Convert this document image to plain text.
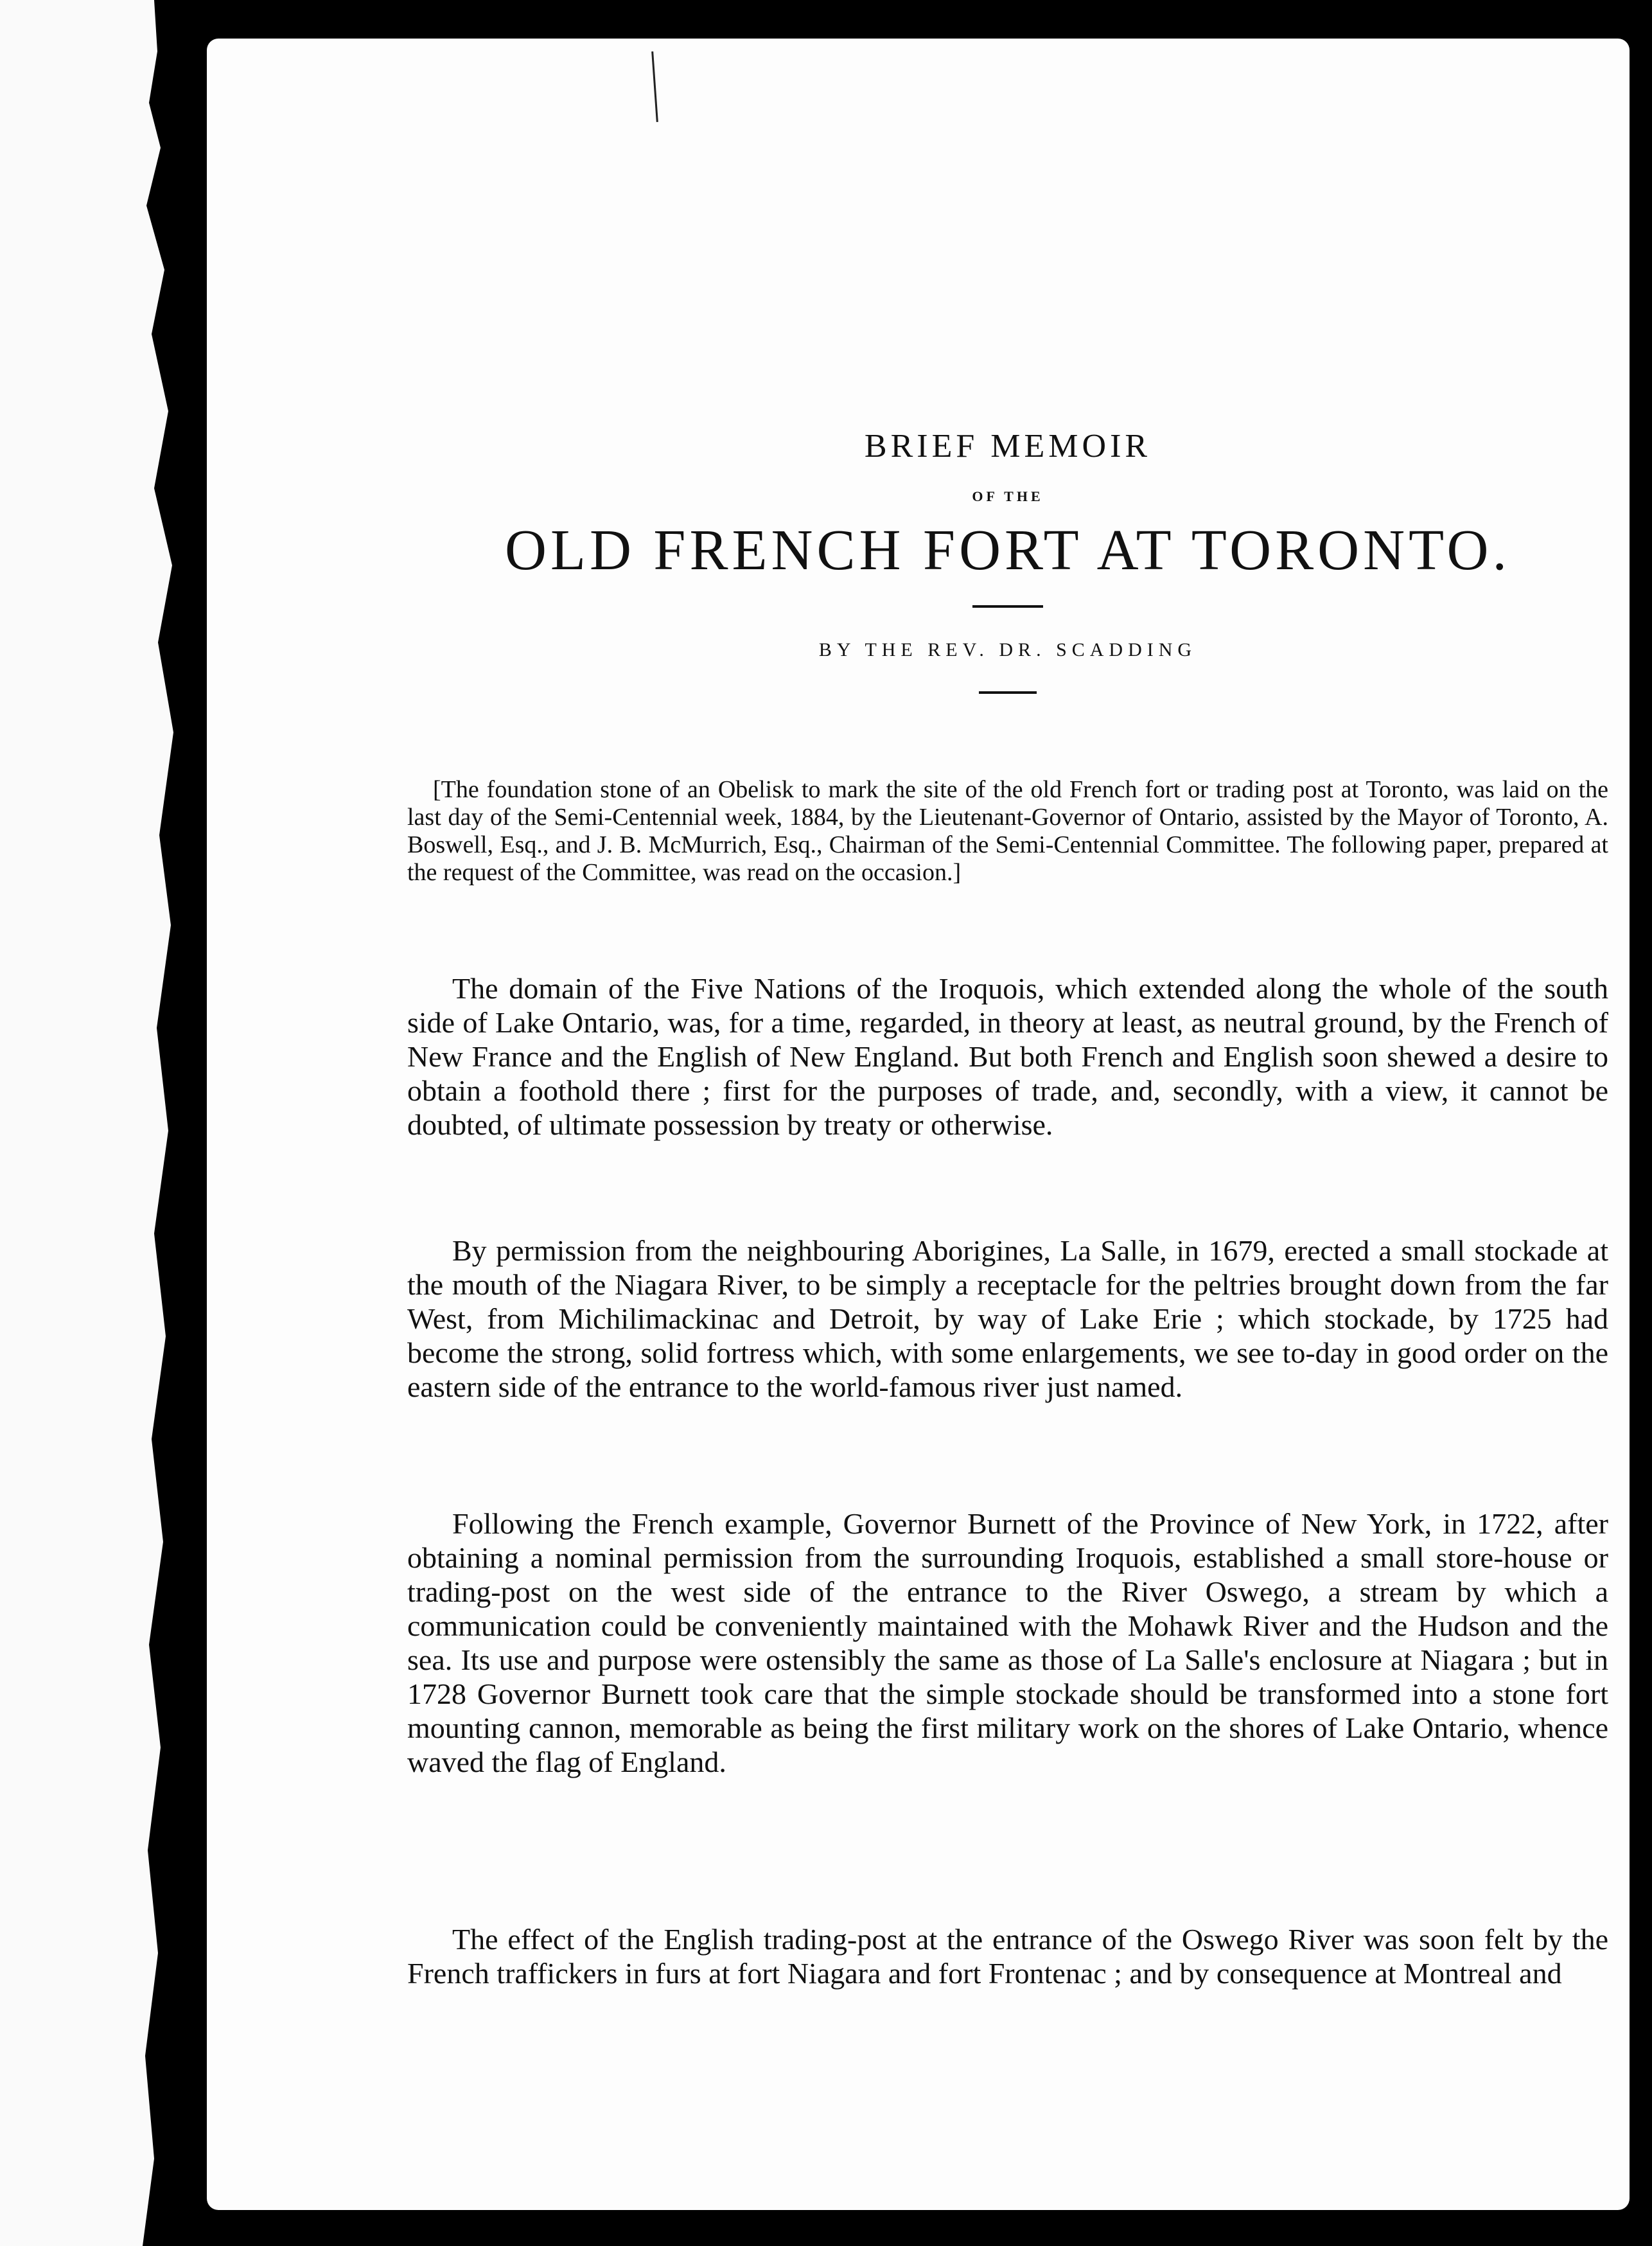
BRIEF MEMOIR
OF THE
OLD FRENCH FORT AT TORONTO.
BY THE REV. DR. SCADDING
[The foundation stone of an Obelisk to mark the site of the old French fort or trading post at Toronto, was laid on the last day of the Semi-Centennial week, 1884, by the Lieutenant-Governor of Ontario, assisted by the Mayor of Toronto, A. Boswell, Esq., and J. B. McMurrich, Esq., Chairman of the Semi-Centennial Committee. The following paper, prepared at the request of the Committee, was read on the occasion.]

The domain of the Five Nations of the Iroquois, which extended along the whole of the south side of Lake Ontario, was, for a time, regarded, in theory at least, as neutral ground, by the French of New France and the English of New England. But both French and English soon shewed a desire to obtain a foothold there ; first for the purposes of trade, and, secondly, with a view, it cannot be doubted, of ultimate possession by treaty or otherwise.

By permission from the neighbouring Aborigines, La Salle, in 1679, erected a small stockade at the mouth of the Niagara River, to be simply a receptacle for the peltries brought down from the far West, from Michilimackinac and Detroit, by way of Lake Erie ; which stockade, by 1725 had become the strong, solid fortress which, with some enlargements, we see to-day in good order on the eastern side of the entrance to the world-famous river just named.

Following the French example, Governor Burnett of the Province of New York, in 1722, after obtaining a nominal permission from the surrounding Iroquois, established a small store-house or trading-post on the west side of the entrance to the River Oswego, a stream by which a communication could be conveniently maintained with the Mohawk River and the Hudson and the sea. Its use and purpose were ostensibly the same as those of La Salle's enclosure at Niagara ; but in 1728 Governor Burnett took care that the simple stockade should be transformed into a stone fort mounting cannon, memorable as being the first military work on the shores of Lake Ontario, whence waved the flag of England.

The effect of the English trading-post at the entrance of the Oswego River was soon felt by the French traffickers in furs at fort Niagara and fort Frontenac ; and by consequence at Montreal and
